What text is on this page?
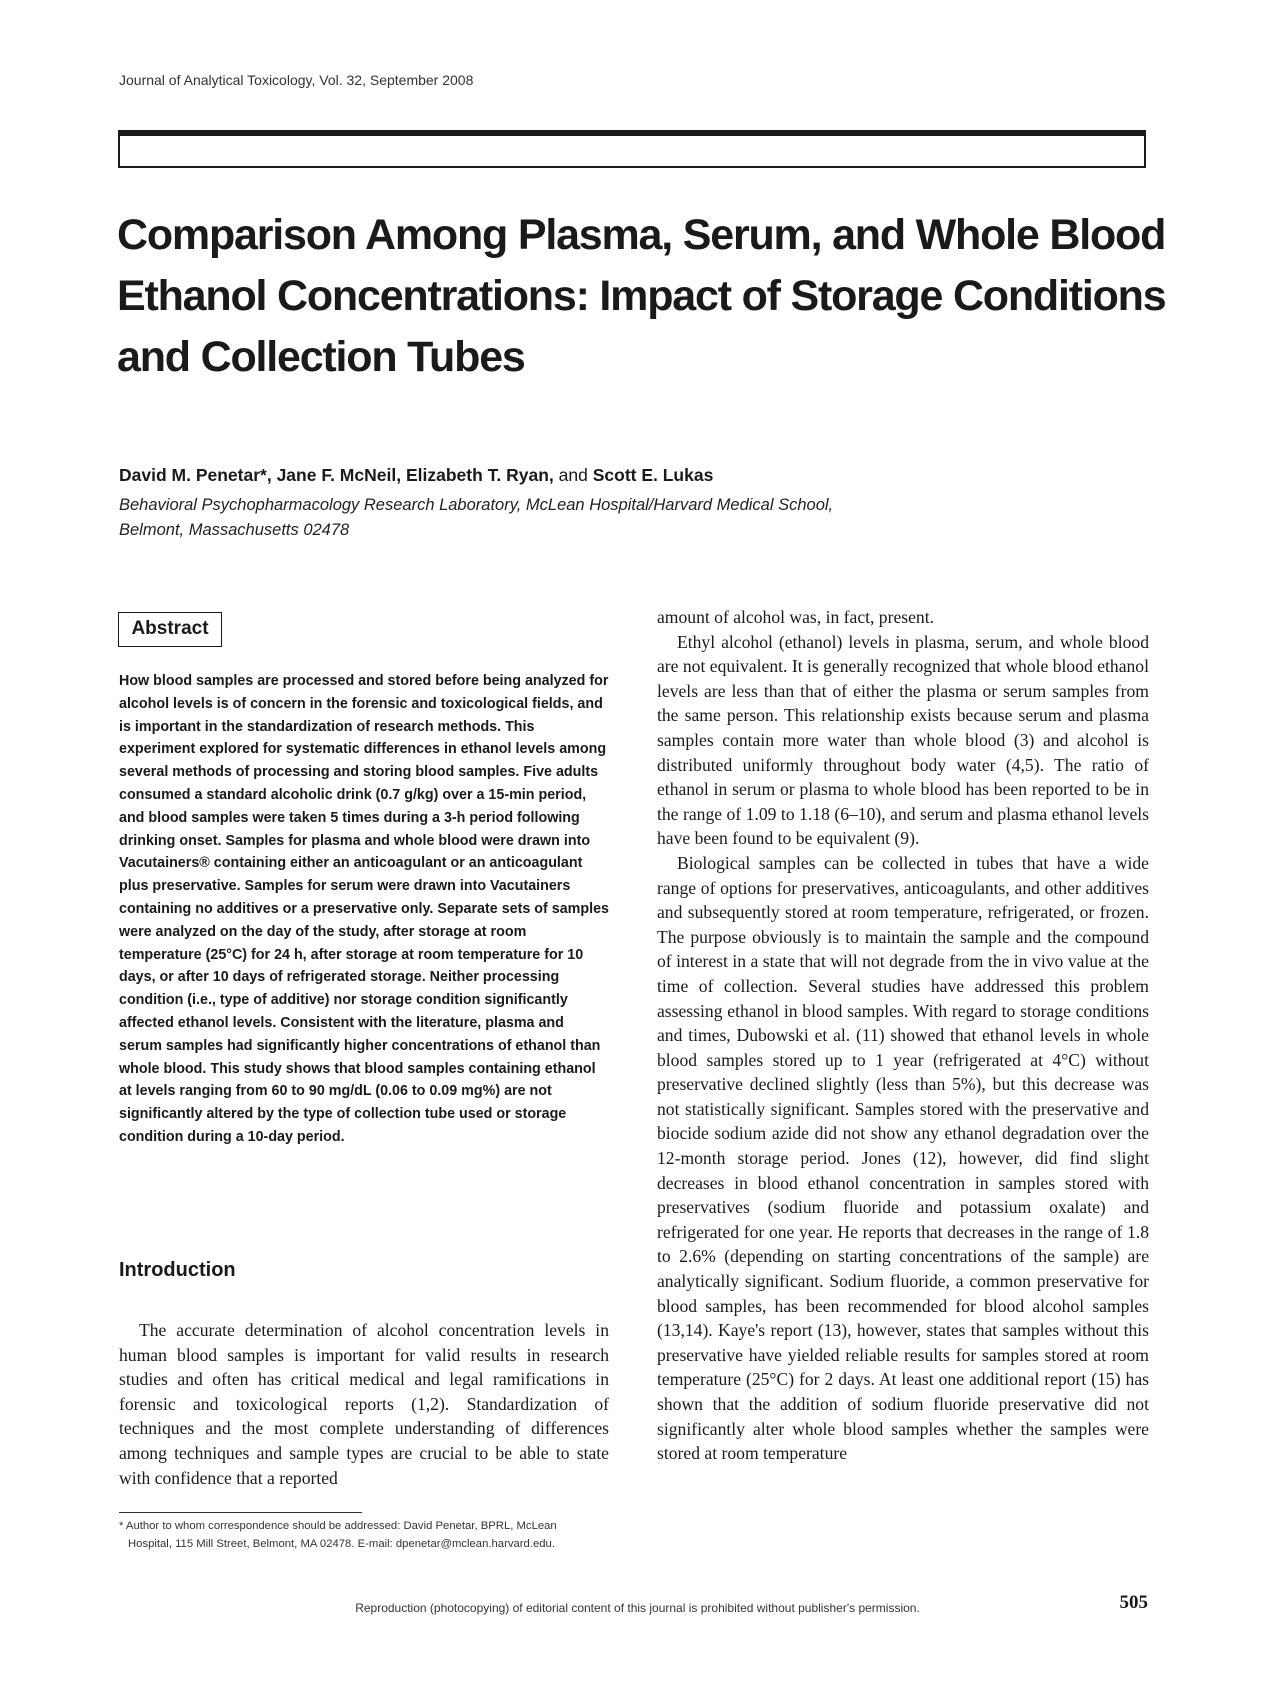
Journal of Analytical Toxicology, Vol. 32, September 2008
Comparison Among Plasma, Serum, and Whole Blood
Ethanol Concentrations: Impact of Storage Conditions
and Collection Tubes
David M. Penetar*, Jane F. McNeil, Elizabeth T. Ryan, and Scott E. Lukas
Behavioral Psychopharmacology Research Laboratory, McLean Hospital/Harvard Medical School,
Belmont, Massachusetts 02478
Abstract
How blood samples are processed and stored before being analyzed for alcohol levels is of concern in the forensic and toxicological fields, and is important in the standardization of research methods. This experiment explored for systematic differences in ethanol levels among several methods of processing and storing blood samples. Five adults consumed a standard alcoholic drink (0.7 g/kg) over a 15-min period, and blood samples were taken 5 times during a 3-h period following drinking onset. Samples for plasma and whole blood were drawn into Vacutainers® containing either an anticoagulant or an anticoagulant plus preservative. Samples for serum were drawn into Vacutainers containing no additives or a preservative only. Separate sets of samples were analyzed on the day of the study, after storage at room temperature (25°C) for 24 h, after storage at room temperature for 10 days, or after 10 days of refrigerated storage. Neither processing condition (i.e., type of additive) nor storage condition significantly affected ethanol levels. Consistent with the literature, plasma and serum samples had significantly higher concentrations of ethanol than whole blood. This study shows that blood samples containing ethanol at levels ranging from 60 to 90 mg/dL (0.06 to 0.09 mg%) are not significantly altered by the type of collection tube used or storage condition during a 10-day period.
Introduction

The accurate determination of alcohol concentration levels in human blood samples is important for valid results in research studies and often has critical medical and legal ramifications in forensic and toxicological reports (1,2). Standardization of techniques and the most complete understanding of differences among techniques and sample types are crucial to be able to state with confidence that a reported

* Author to whom correspondence should be addressed: David Penetar, BPRL, McLean
Hospital, 115 Mill Street, Belmont, MA 02478. E-mail: dpenetar@mclean.harvard.edu.

amount of alcohol was, in fact, present.

Ethyl alcohol (ethanol) levels in plasma, serum, and whole blood are not equivalent. It is generally recognized that whole blood ethanol levels are less than that of either the plasma or serum samples from the same person. This relationship exists because serum and plasma samples contain more water than whole blood (3) and alcohol is distributed uniformly throughout body water (4,5). The ratio of ethanol in serum or plasma to whole blood has been reported to be in the range of 1.09 to 1.18 (6–10), and serum and plasma ethanol levels have been found to be equivalent (9).

Biological samples can be collected in tubes that have a wide range of options for preservatives, anticoagulants, and other additives and subsequently stored at room temperature, refrigerated, or frozen. The purpose obviously is to maintain the sample and the compound of interest in a state that will not degrade from the in vivo value at the time of collection. Several studies have addressed this problem assessing ethanol in blood samples. With regard to storage conditions and times, Dubowski et al. (11) showed that ethanol levels in whole blood samples stored up to 1 year (refrigerated at 4°C) without preservative declined slightly (less than 5%), but this decrease was not statistically significant. Samples stored with the preservative and biocide sodium azide did not show any ethanol degradation over the 12-month storage period. Jones (12), however, did find slight decreases in blood ethanol concentration in samples stored with preservatives (sodium fluoride and potassium oxalate) and refrigerated for one year. He reports that decreases in the range of 1.8 to 2.6% (depending on starting concentrations of the sample) are analytically significant. Sodium fluoride, a common preservative for blood samples, has been recommended for blood alcohol samples (13,14). Kaye's report (13), however, states that samples without this preservative have yielded reliable results for samples stored at room temperature (25°C) for 2 days. At least one additional report (15) has shown that the addition of sodium fluoride preservative did not significantly alter whole blood samples whether the samples were stored at room temperature

Reproduction (photocopying) of editorial content of this journal is prohibited without publisher's permission.	505
